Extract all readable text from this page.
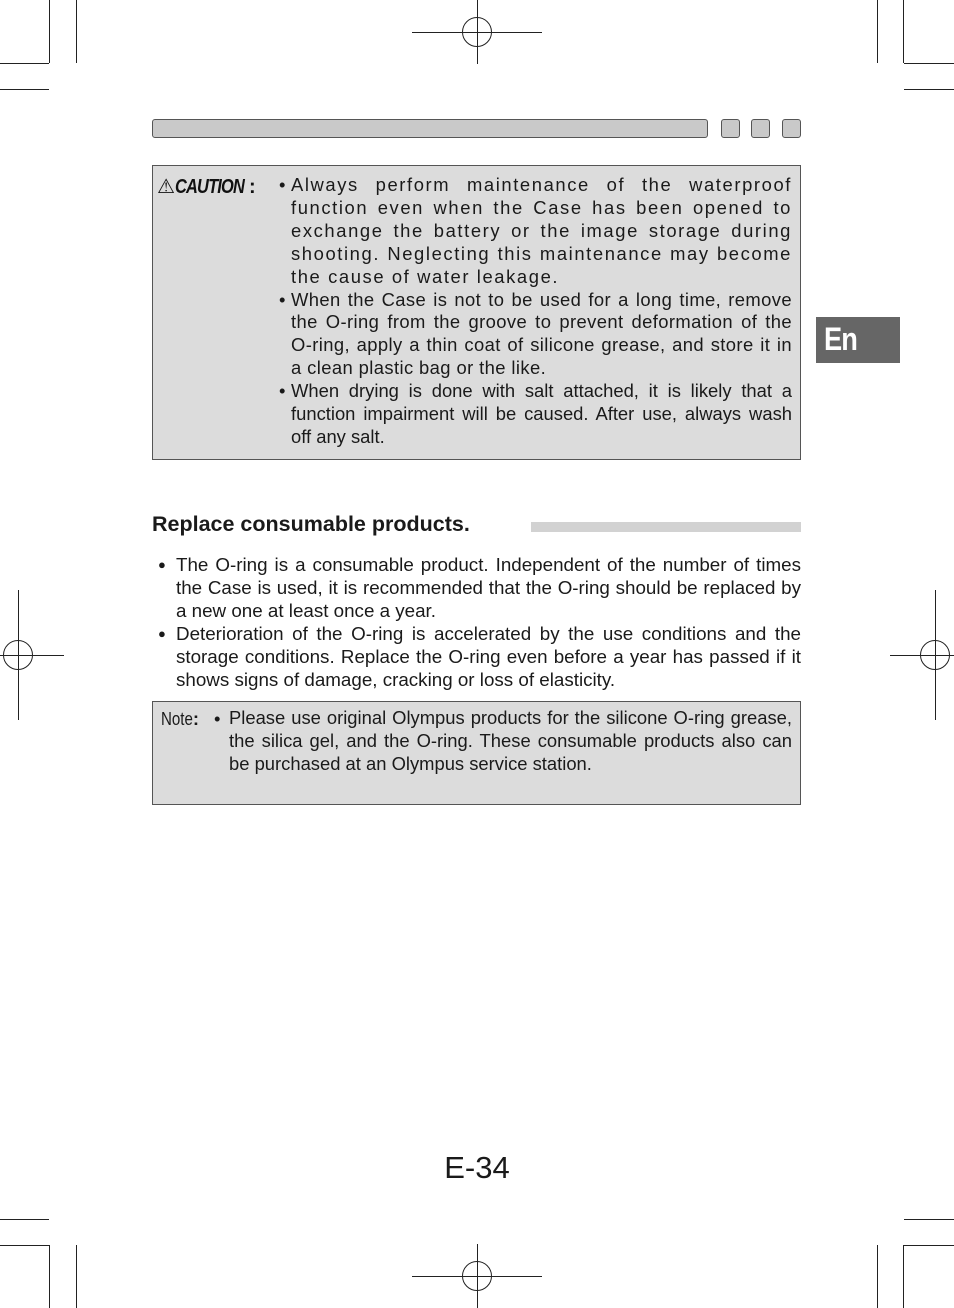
En
⚠CAUTION :
•	Always perform maintenance of the waterproof function even when the Case has been opened to exchange the battery or the image storage during shooting. Neglecting this maintenance may become the cause of water leakage.
• When the Case is not to be used for a long time, remove the O-ring from the groove to prevent deformation of the O-ring, apply a thin coat of silicone grease, and store it in a clean plastic bag or the like.
• When drying is done with salt attached, it is likely that a function impairment will be caused. After use, always wash off any salt.
Replace consumable products.
● The O-ring is a consumable product. Independent of the number of times the Case is used, it is recommended that the O-ring should be replaced by a new one at least once a year.
● Deterioration of the O-ring is accelerated by the use conditions and the storage conditions. Replace the O-ring even before a year has passed if it shows signs of damage, cracking or loss of elasticity.
Note: • Please use original Olympus products for the silicone O-ring grease, the silica gel, and the O-ring. These consumable products also can be purchased at an Olympus service station.

E-34
